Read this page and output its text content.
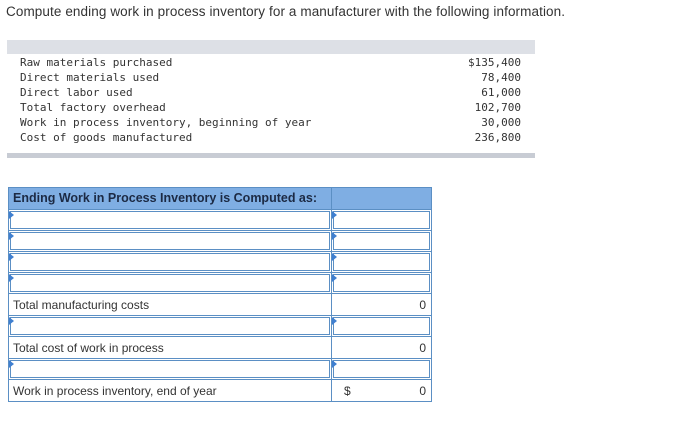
Compute ending work in process inventory for a manufacturer with the following information.
Raw materials purchased	$135,400
Direct materials used	78,400
Direct labor used	61,000
Total factory overhead	102,700
Work in process inventory, beginning of year	30,000
Cost of goods manufactured	236,800
Ending Work in Process Inventory is Computed as:	

Total manufacturing costs	0

Total cost of work in process	0

Work in process inventory, end of year	$ 0
